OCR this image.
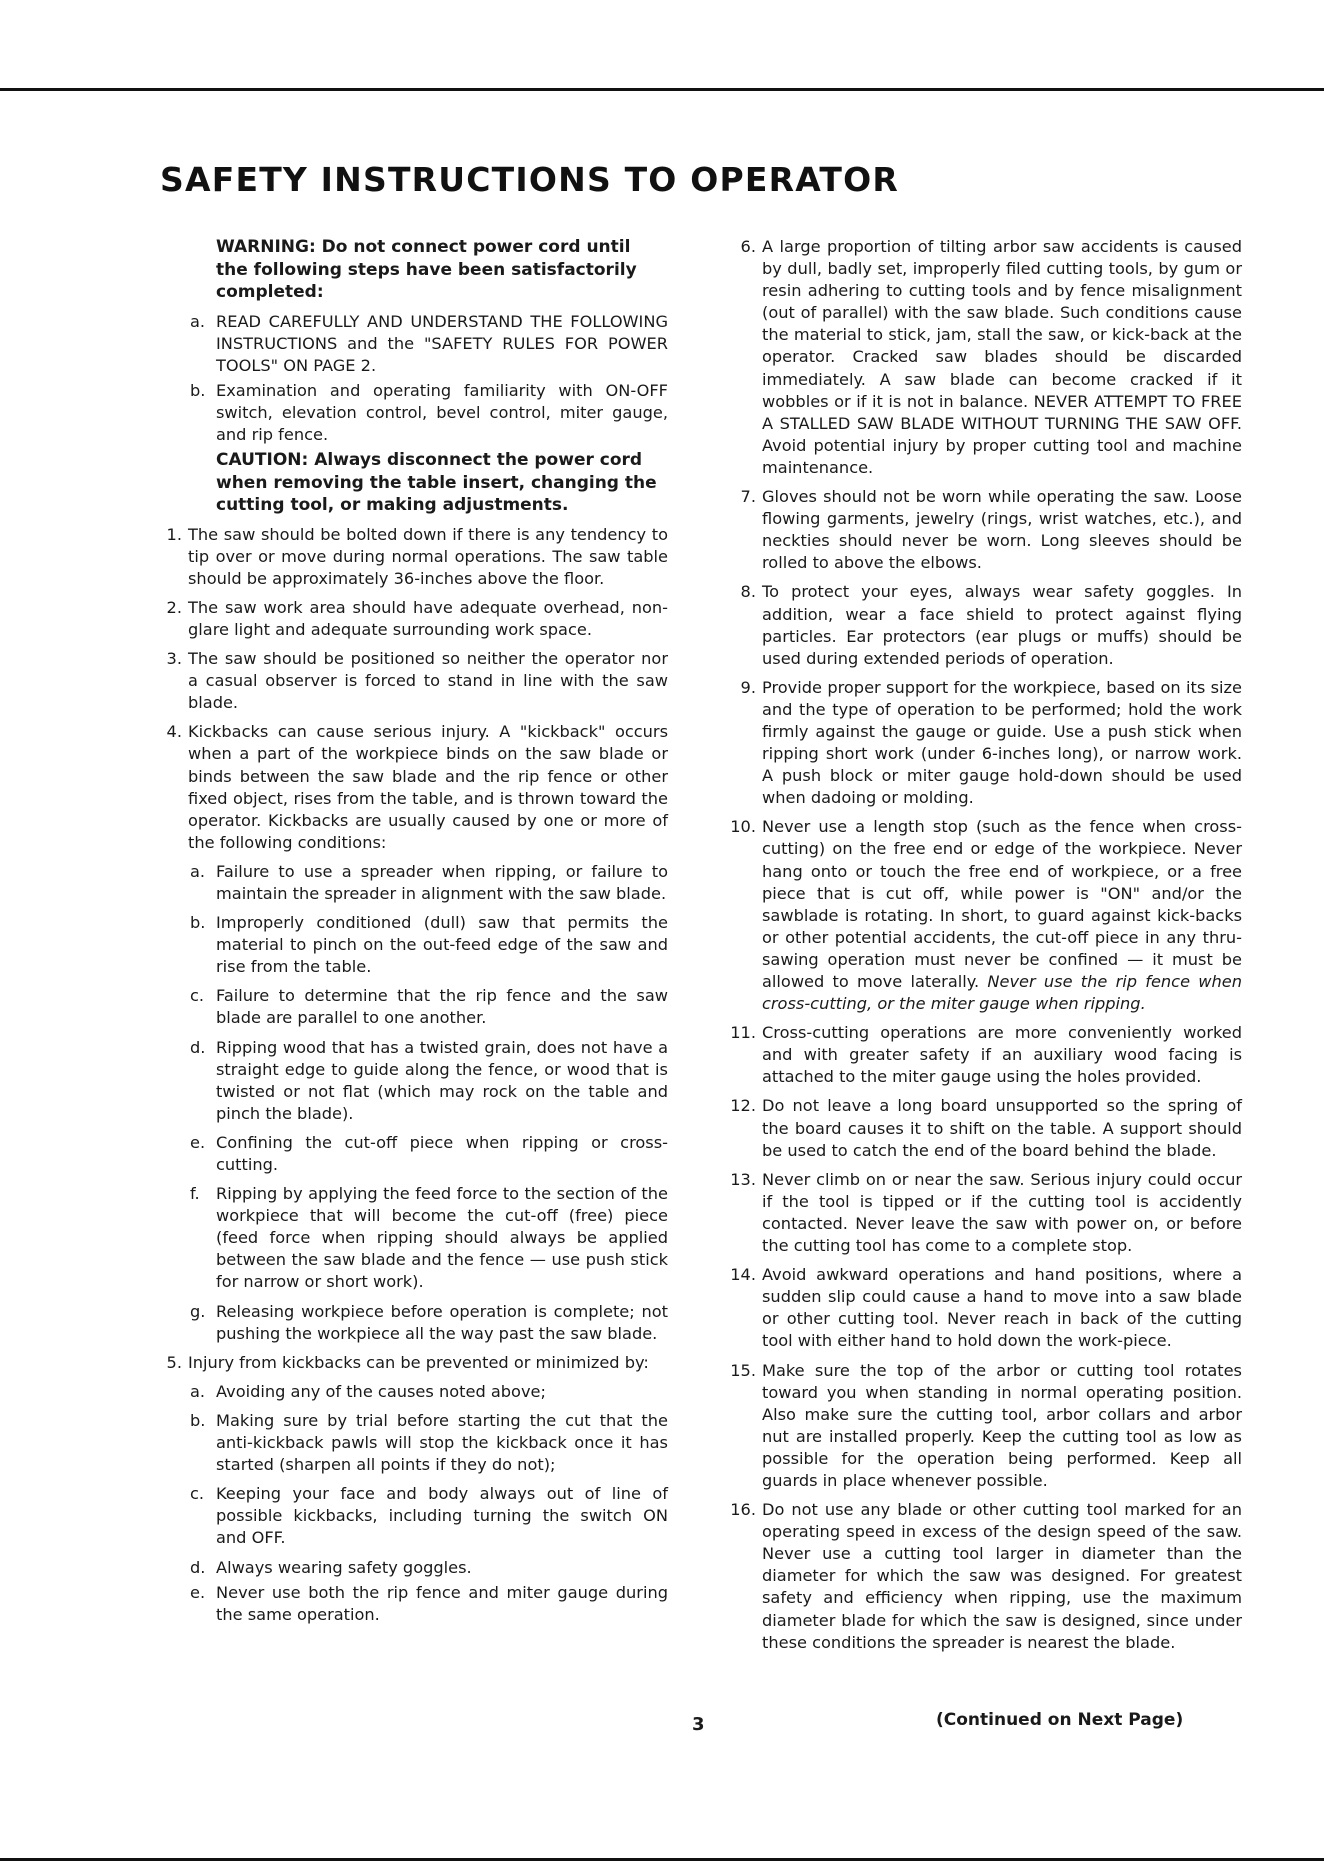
SAFETY INSTRUCTIONS TO OPERATOR

WARNING: Do not connect power cord until the following steps have been satisfactorily completed:

a. READ CAREFULLY AND UNDERSTAND THE FOLLOWING INSTRUCTIONS and the "SAFETY RULES FOR POWER TOOLS" ON PAGE 2.
b. Examination and operating familiarity with ON-OFF switch, elevation control, bevel control, miter gauge, and rip fence.

CAUTION: Always disconnect the power cord when removing the table insert, changing the cutting tool, or making adjustments.

1. The saw should be bolted down if there is any tendency to tip over or move during normal operations. The saw table should be approximately 36-inches above the floor.
2. The saw work area should have adequate overhead, non-glare light and adequate surrounding work space.
3. The saw should be positioned so neither the operator nor a casual observer is forced to stand in line with the saw blade.
4. Kickbacks can cause serious injury. A "kickback" occurs when a part of the workpiece binds on the saw blade or binds between the saw blade and the rip fence or other fixed object, rises from the table, and is thrown toward the operator. Kickbacks are usually caused by one or more of the following conditions:
a. Failure to use a spreader when ripping, or failure to maintain the spreader in alignment with the saw blade.
b. Improperly conditioned (dull) saw that permits the material to pinch on the out-feed edge of the saw and rise from the table.
c. Failure to determine that the rip fence and the saw blade are parallel to one another.
d. Ripping wood that has a twisted grain, does not have a straight edge to guide along the fence, or wood that is twisted or not flat (which may rock on the table and pinch the blade).
e. Confining the cut-off piece when ripping or cross-cutting.
f.	Ripping by applying the feed force to the section of the workpiece that will become the cut-off (free) piece (feed force when ripping should always be applied between the saw blade and the fence — use push stick for narrow or short work).
g. Releasing workpiece before operation is complete; not pushing the workpiece all the way past the saw blade.
5. Injury from kickbacks can be prevented or minimized by:
a. Avoiding any of the causes noted above;
b. Making sure by trial before starting the cut that the anti-kickback pawls will stop the kickback once it has started (sharpen all points if they do not);
c. Keeping your face and body always out of line of possible kickbacks, including turning the switch ON and OFF.
d. Always wearing safety goggles.
e. Never use both the rip fence and miter gauge during the same operation.
6. A large proportion of tilting arbor saw accidents is caused by dull, badly set, improperly filed cutting tools, by gum or resin adhering to cutting tools and by fence misalignment (out of parallel) with the saw blade. Such conditions cause the material to stick, jam, stall the saw, or kick-back at the operator. Cracked saw blades should be discarded immediately. A saw blade can become cracked if it wobbles or if it is not in balance. NEVER ATTEMPT TO FREE A STALLED SAW BLADE WITHOUT TURNING THE SAW OFF. Avoid potential injury by proper cutting tool and machine maintenance.
7. Gloves should not be worn while operating the saw. Loose flowing garments, jewelry (rings, wrist watches, etc.), and neckties should never be worn. Long sleeves should be rolled to above the elbows.
8. To protect your eyes, always wear safety goggles. In addition, wear a face shield to protect against flying particles. Ear protectors (ear plugs or muffs) should be used during extended periods of operation.
9. Provide proper support for the workpiece, based on its size and the type of operation to be performed; hold the work firmly against the gauge or guide. Use a push stick when ripping short work (under 6-inches long), or narrow work. A push block or miter gauge hold-down should be used when dadoing or molding.
10. Never use a length stop (such as the fence when cross-cutting) on the free end or edge of the workpiece. Never hang onto or touch the free end of workpiece, or a free piece that is cut off, while power is "ON" and/or the sawblade is rotating. In short, to guard against kick-backs or other potential accidents, the cut-off piece in any thru-sawing operation must never be confined — it must be allowed to move laterally. Never use the rip fence when cross-cutting, or the miter gauge when ripping.
11. Cross-cutting operations are more conveniently worked and with greater safety if an auxiliary wood facing is attached to the miter gauge using the holes provided.
12. Do not leave a long board unsupported so the spring of the board causes it to shift on the table. A support should be used to catch the end of the board behind the blade.
13. Never climb on or near the saw. Serious injury could occur if the tool is tipped or if the cutting tool is accidently contacted. Never leave the saw with power on, or before the cutting tool has come to a complete stop.
14. Avoid awkward operations and hand positions, where a sudden slip could cause a hand to move into a saw blade or other cutting tool. Never reach in back of the cutting tool with either hand to hold down the work-piece.
15. Make sure the top of the arbor or cutting tool rotates toward you when standing in normal operating position. Also make sure the cutting tool, arbor collars and arbor nut are installed properly. Keep the cutting tool as low as possible for the operation being performed. Keep all guards in place whenever possible.
16. Do not use any blade or other cutting tool marked for an operating speed in excess of the design speed of the saw. Never use a cutting tool larger in diameter than the diameter for which the saw was designed. For greatest safety and efficiency when ripping, use the maximum diameter blade for which the saw is designed, since under these conditions the spreader is nearest the blade.
3	(Continued on Next Page)
